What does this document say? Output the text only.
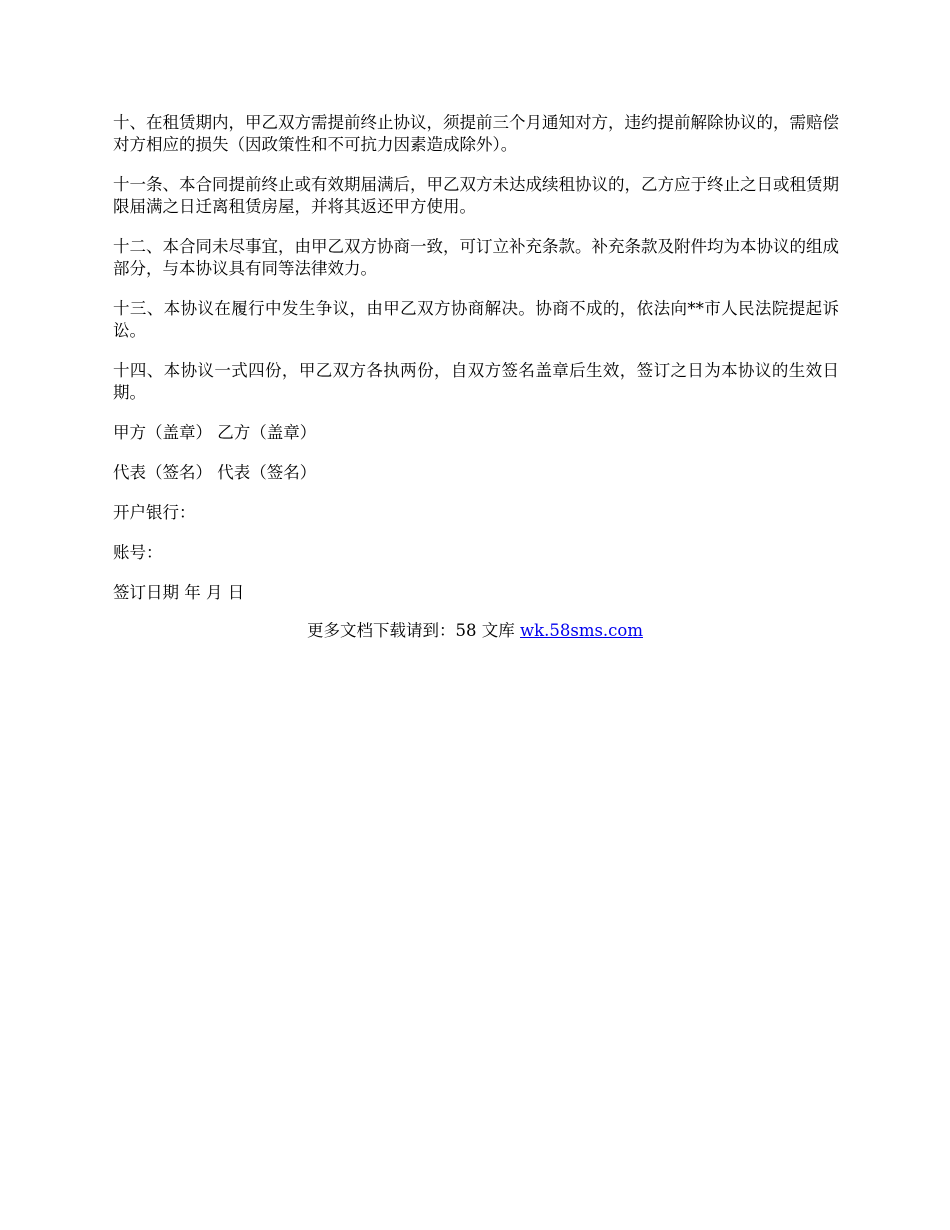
十、在租赁期内，甲乙双方需提前终止协议，须提前三个月通知对方，违约提前解除协议的，需赔偿对方相应的损失（因政策性和不可抗力因素造成除外）。

十一条、本合同提前终止或有效期届满后，甲乙双方未达成续租协议的，乙方应于终止之日或租赁期限届满之日迁离租赁房屋，并将其返还甲方使用。

十二、本合同未尽事宜，由甲乙双方协商一致，可订立补充条款。补充条款及附件均为本协议的组成部分，与本协议具有同等法律效力。

十三、本协议在履行中发生争议，由甲乙双方协商解决。协商不成的，依法向**市人民法院提起诉讼。

十四、本协议一式四份，甲乙双方各执两份，自双方签名盖章后生效，签订之日为本协议的生效日期。

甲方（盖章） 乙方（盖章）

代表（签名） 代表（签名）

开户银行：

账号：

签订日期 年 月 日

更多文档下载请到：58 文库 wk.58sms.com
